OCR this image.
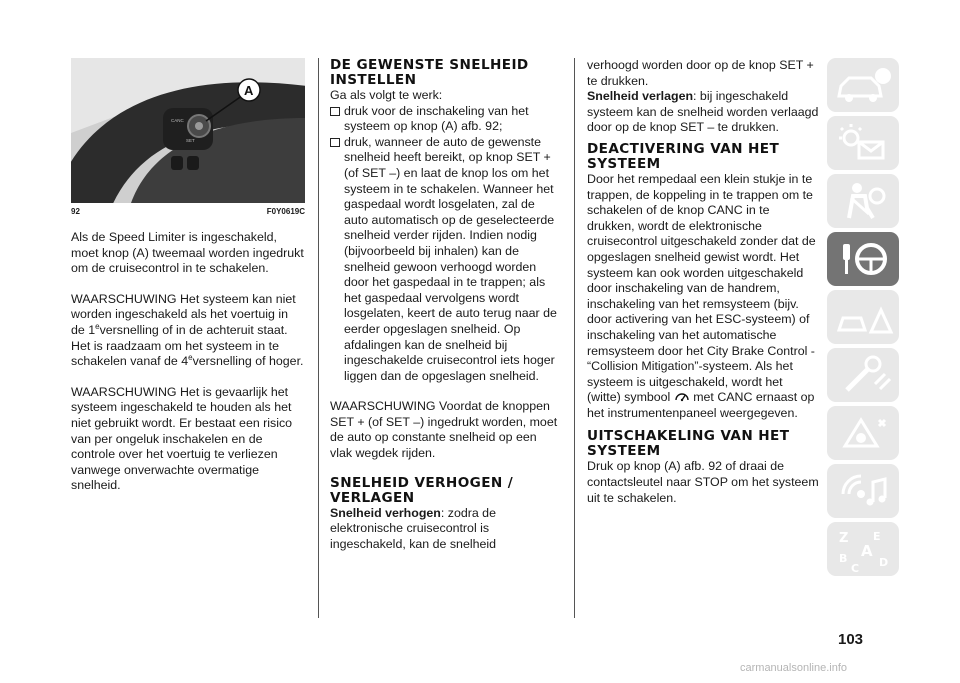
CANC
SET
A
92	F0Y0619C

Als de Speed Limiter is ingeschakeld, moet knop (A) tweemaal worden ingedrukt om de cruisecontrol in te schakelen.

WAARSCHUWING Het systeem kan niet worden ingeschakeld als het voertuig in de 1eversnelling of in de achteruit staat. Het is raadzaam om het systeem in te schakelen vanaf de 4eversnelling of hoger.

WAARSCHUWING Het is gevaarlijk het systeem ingeschakeld te houden als het niet gebruikt wordt. Er bestaat een risico van per ongeluk inschakelen en de controle over het voertuig te verliezen vanwege onverwachte overmatige snelheid.

DE GEWENSTE SNELHEID INSTELLEN

Ga als volgt te werk:

druk voor de inschakeling van het systeem op knop (A) afb. 92;

druk, wanneer de auto de gewenste snelheid heeft bereikt, op knop SET + (of SET –) en laat de knop los om het systeem in te schakelen. Wanneer het gaspedaal wordt losgelaten, zal de auto automatisch op de geselecteerde snelheid verder rijden. Indien nodig (bijvoorbeeld bij inhalen) kan de snelheid gewoon verhoogd worden door het gaspedaal in te trappen; als het gaspedaal vervolgens wordt losgelaten, keert de auto terug naar de eerder opgeslagen snelheid. Op afdalingen kan de snelheid bij ingeschakelde cruisecontrol iets hoger liggen dan de opgeslagen snelheid.

WAARSCHUWING Voordat de knoppen SET + (of SET –) ingedrukt worden, moet de auto op constante snelheid op een vlak wegdek rijden.

SNELHEID VERHOGEN / VERLAGEN

Snelheid verhogen: zodra de elektronische cruisecontrol is ingeschakeld, kan de snelheid

verhoogd worden door op de knop SET + te drukken.

Snelheid verlagen: bij ingeschakeld systeem kan de snelheid worden verlaagd door op de knop SET – te drukken.

DEACTIVERING VAN HET SYSTEEM

Door het rempedaal een klein stukje in te trappen, de koppeling in te trappen om te schakelen of de knop CANC in te drukken, wordt de elektronische cruisecontrol uitgeschakeld zonder dat de opgeslagen snelheid gewist wordt. Het systeem kan ook worden uitgeschakeld door inschakeling van de handrem, inschakeling van het remsysteem (bijv. door activering van het ESC-systeem) of inschakeling van het automatische remsysteem door het City Brake Control - “Collision Mitigation”-systeem. Als het systeem is uitgeschakeld, wordt het (witte) symbool met CANC ernaast op het instrumentenpaneel weergegeven.

UITSCHAKELING VAN HET SYSTEEM

Druk op knop (A) afb. 92 of draai de contactsleutel naar STOP om het systeem uit te schakelen.

Z E
B A
C D
103
carmanualsonline.info
